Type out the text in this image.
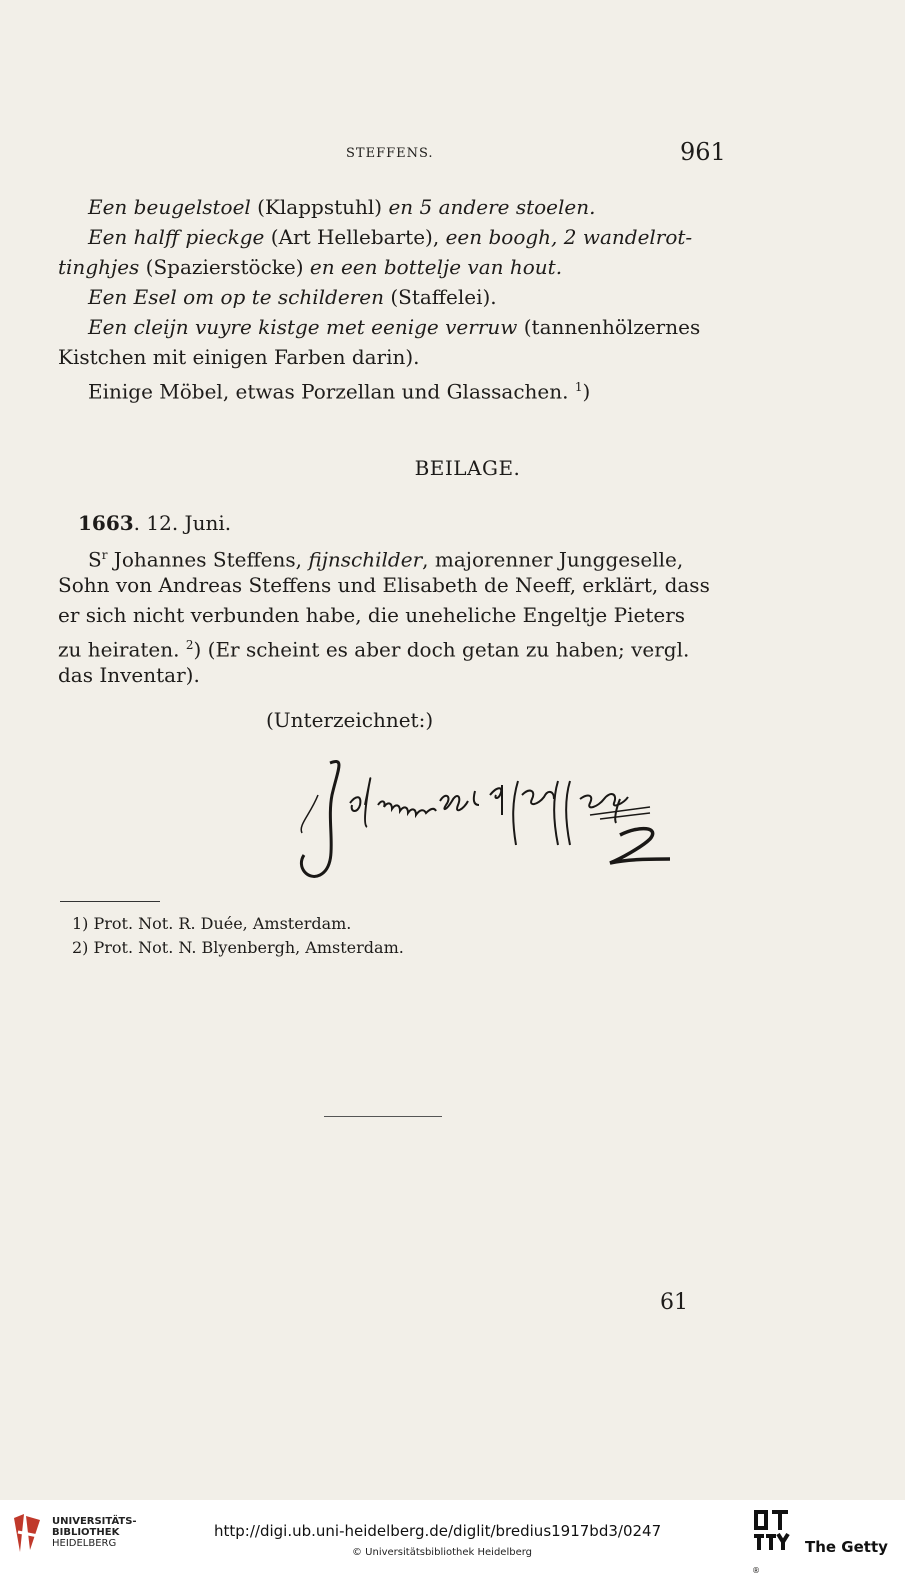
STEFFENS.	961
Een beugelstoel (Klappstuhl) en 5 andere stoelen.
Een halff pieckge (Art Hellebarte), een boogh, 2 wandelrot-
tinghjes (Spazierstöcke) en een bottelje van hout.
Een Esel om op te schilderen (Staffelei).
Een cleijn vuyre kistge met eenige verruw (tannenhölzernes
Kistchen mit einigen Farben darin).
Einige Möbel, etwas Porzellan und Glassachen. $^1$)
BEILAGE.
1663. 12. Juni.
$S^r$ Johannes Steffens, fijnschilder, majorenner Junggeselle,
Sohn von Andreas Steffens und Elisabeth de Neeff, erklärt, dass
er sich nicht verbunden habe, die uneheliche Engeltje Pieters
zu heiraten. $^2$) (Er scheint es aber doch getan zu haben; vergl.
das Inventar).
(Unterzeichnet:)
1) Prot. Not. R. Duée, Amsterdam.
2) Prot. Not. N. Blyenbergh, Amsterdam.
61
UNIVERSITÄTS-
BIBLIOTHEK
HEIDELBERG
http://digi.ub.uni-heidelberg.de/diglit/bredius1917bd3/0247
© Universitätsbibliothek Heidelberg
®
The Getty
